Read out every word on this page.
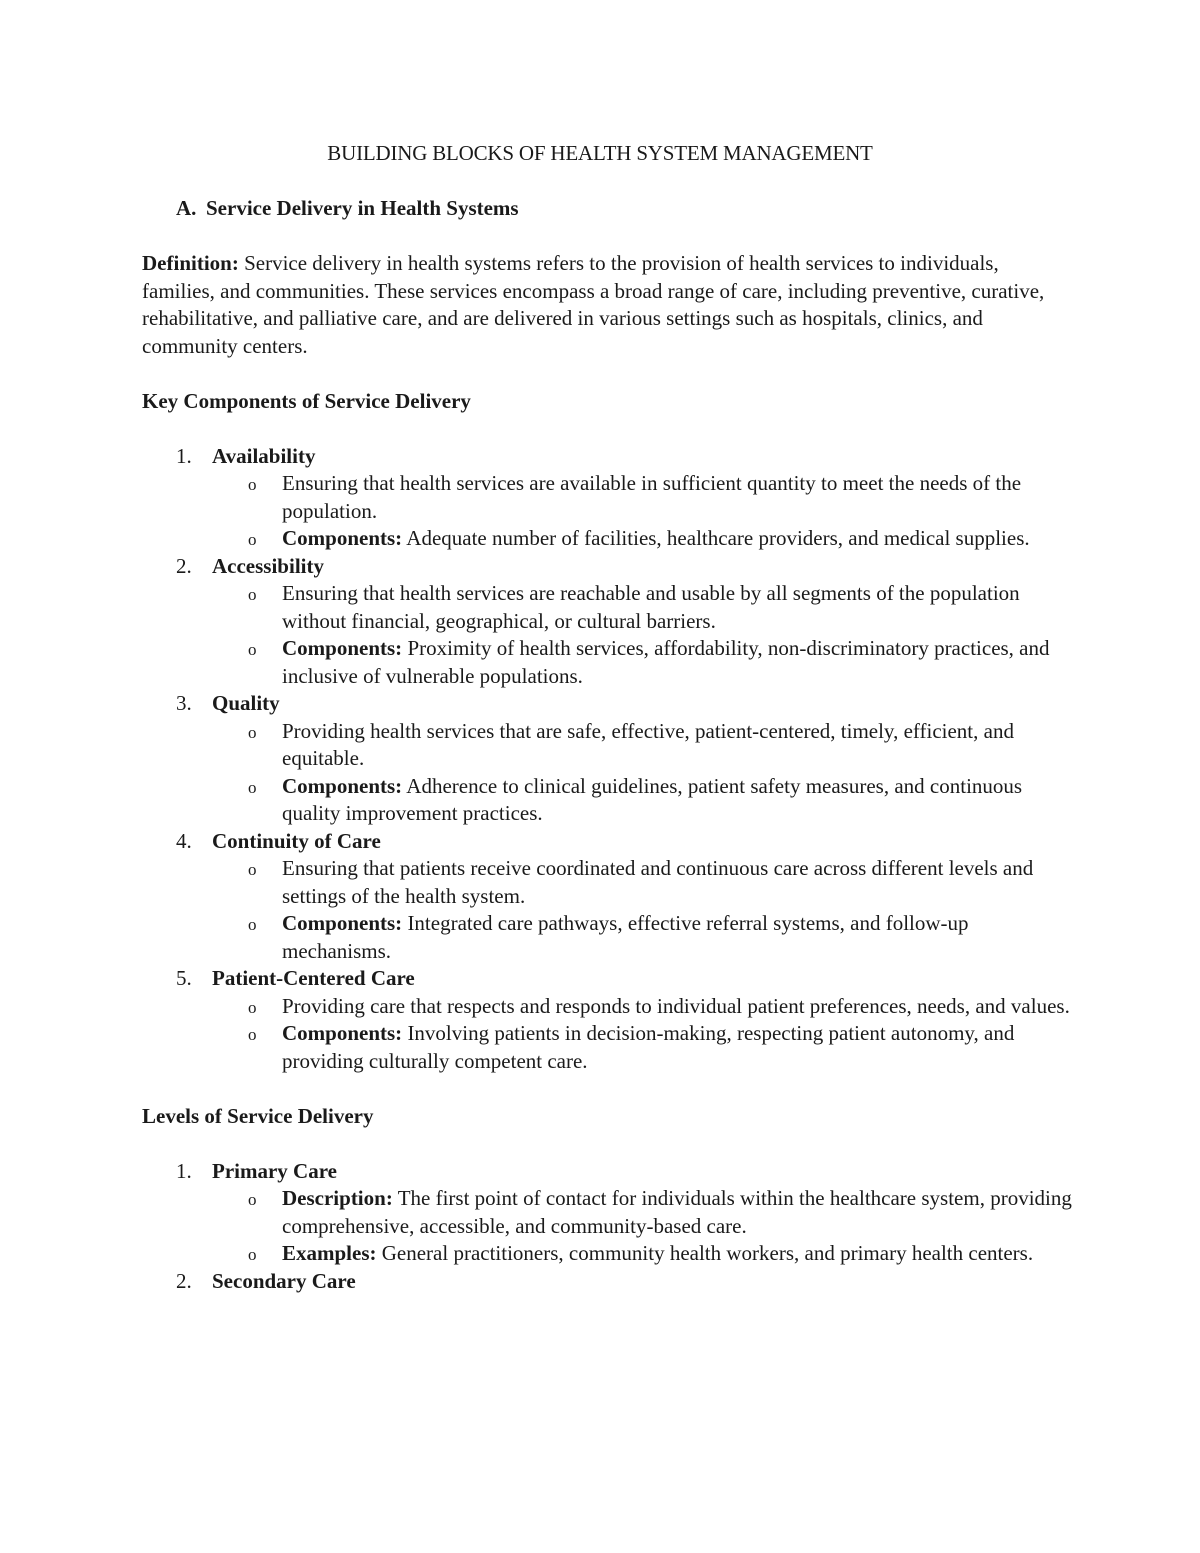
BUILDING BLOCKS OF HEALTH SYSTEM MANAGEMENT
A. Service Delivery in Health Systems

Definition: Service delivery in health systems refers to the provision of health services to individuals, families, and communities. These services encompass a broad range of care, including preventive, curative, rehabilitative, and palliative care, and are delivered in various settings such as hospitals, clinics, and community centers.

Key Components of Service Delivery

1. Availability
o Ensuring that health services are available in sufficient quantity to meet the needs of the population.
o Components: Adequate number of facilities, healthcare providers, and medical supplies.
2. Accessibility
o Ensuring that health services are reachable and usable by all segments of the population without financial, geographical, or cultural barriers.
o Components: Proximity of health services, affordability, non-discriminatory practices, and inclusive of vulnerable populations.
3. Quality
o Providing health services that are safe, effective, patient-centered, timely, efficient, and equitable.
o Components: Adherence to clinical guidelines, patient safety measures, and continuous quality improvement practices.
4. Continuity of Care
o Ensuring that patients receive coordinated and continuous care across different levels and settings of the health system.
o Components: Integrated care pathways, effective referral systems, and follow-up mechanisms.
5. Patient-Centered Care
o Providing care that respects and responds to individual patient preferences, needs, and values.
o Components: Involving patients in decision-making, respecting patient autonomy, and providing culturally competent care.

Levels of Service Delivery

1. Primary Care
o Description: The first point of contact for individuals within the healthcare system, providing comprehensive, accessible, and community-based care.
o Examples: General practitioners, community health workers, and primary health centers.
2. Secondary Care
